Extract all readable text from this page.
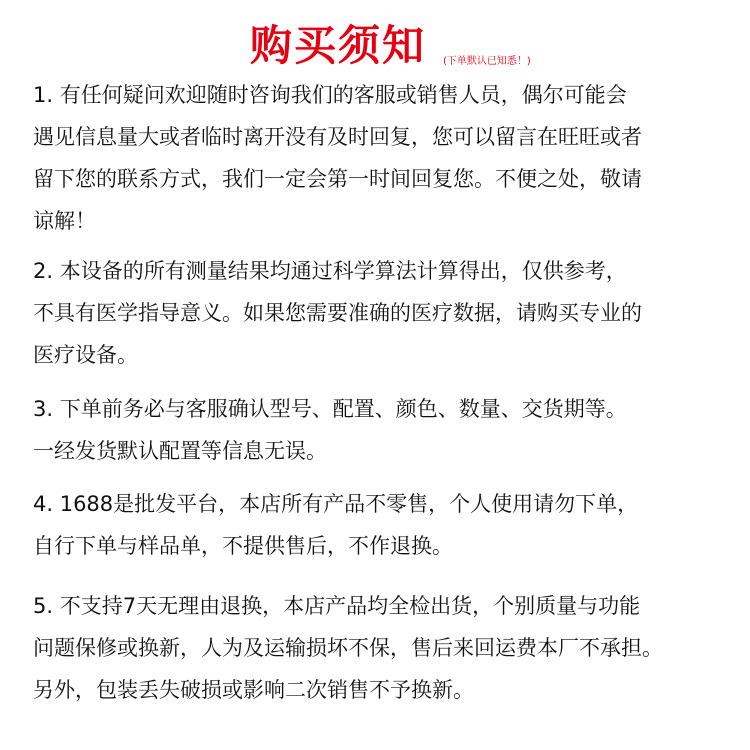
购买须知 (下单默认已知悉！)
1. 有任何疑问欢迎随时咨询我们的客服或销售人员，偶尔可能会
遇见信息量大或者临时离开没有及时回复，您可以留言在旺旺或者
留下您的联系方式，我们一定会第一时间回复您。不便之处，敬请
谅解！
2. 本设备的所有测量结果均通过科学算法计算得出，仅供参考，
不具有医学指导意义。如果您需要准确的医疗数据，请购买专业的
医疗设备。
3. 下单前务必与客服确认型号、配置、颜色、数量、交货期等。
一经发货默认配置等信息无误。
4. 1688是批发平台，本店所有产品不零售，个人使用请勿下单，
自行下单与样品单，不提供售后，不作退换。
5. 不支持7天无理由退换，本店产品均全检出货，个别质量与功能
问题保修或换新，人为及运输损坏不保，售后来回运费本厂不承担。
另外，包装丢失破损或影响二次销售不予换新。
